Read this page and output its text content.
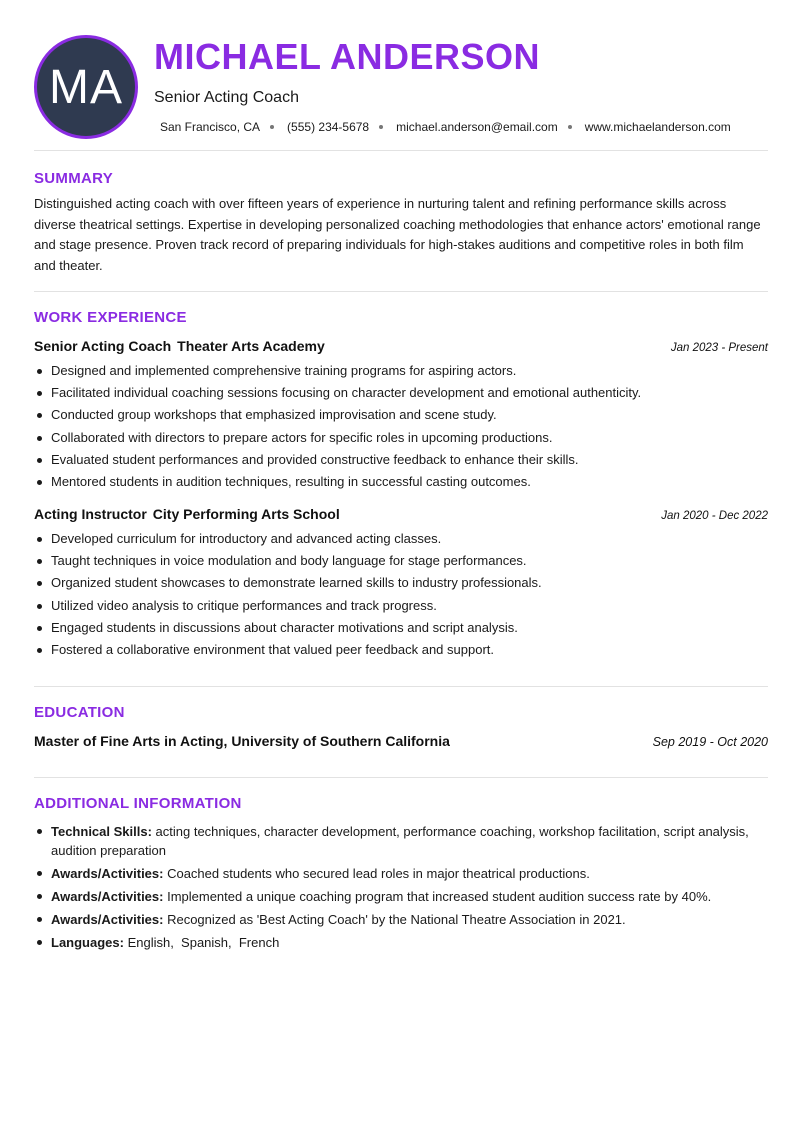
MA
MICHAEL ANDERSON
Senior Acting Coach
San Francisco, CA (555) 234-5678 michael.anderson@email.com www.michaelanderson.com
SUMMARY
Distinguished acting coach with over fifteen years of experience in nurturing talent and refining performance skills across diverse theatrical settings. Expertise in developing personalized coaching methodologies that enhance actors' emotional range and stage presence. Proven track record of preparing individuals for high-stakes auditions and competitive roles in both film and theater.
WORK EXPERIENCE
Senior Acting Coach Theater Arts Academy	Jan 2023 - Present
Designed and implemented comprehensive training programs for aspiring actors.
Facilitated individual coaching sessions focusing on character development and emotional authenticity.
Conducted group workshops that emphasized improvisation and scene study.
Collaborated with directors to prepare actors for specific roles in upcoming productions.
Evaluated student performances and provided constructive feedback to enhance their skills.
Mentored students in audition techniques, resulting in successful casting outcomes.
Acting Instructor City Performing Arts School	Jan 2020 - Dec 2022
Developed curriculum for introductory and advanced acting classes.
Taught techniques in voice modulation and body language for stage performances.
Organized student showcases to demonstrate learned skills to industry professionals.
Utilized video analysis to critique performances and track progress.
Engaged students in discussions about character motivations and script analysis.
Fostered a collaborative environment that valued peer feedback and support.
EDUCATION
Master of Fine Arts in Acting, University of Southern California	Sep 2019 - Oct 2020
ADDITIONAL INFORMATION
Technical Skills: acting techniques, character development, performance coaching, workshop facilitation, script analysis, audition preparation
Awards/Activities: Coached students who secured lead roles in major theatrical productions.
Awards/Activities: Implemented a unique coaching program that increased student audition success rate by 40%.
Awards/Activities: Recognized as 'Best Acting Coach' by the National Theatre Association in 2021.
Languages: English,  Spanish,  French
